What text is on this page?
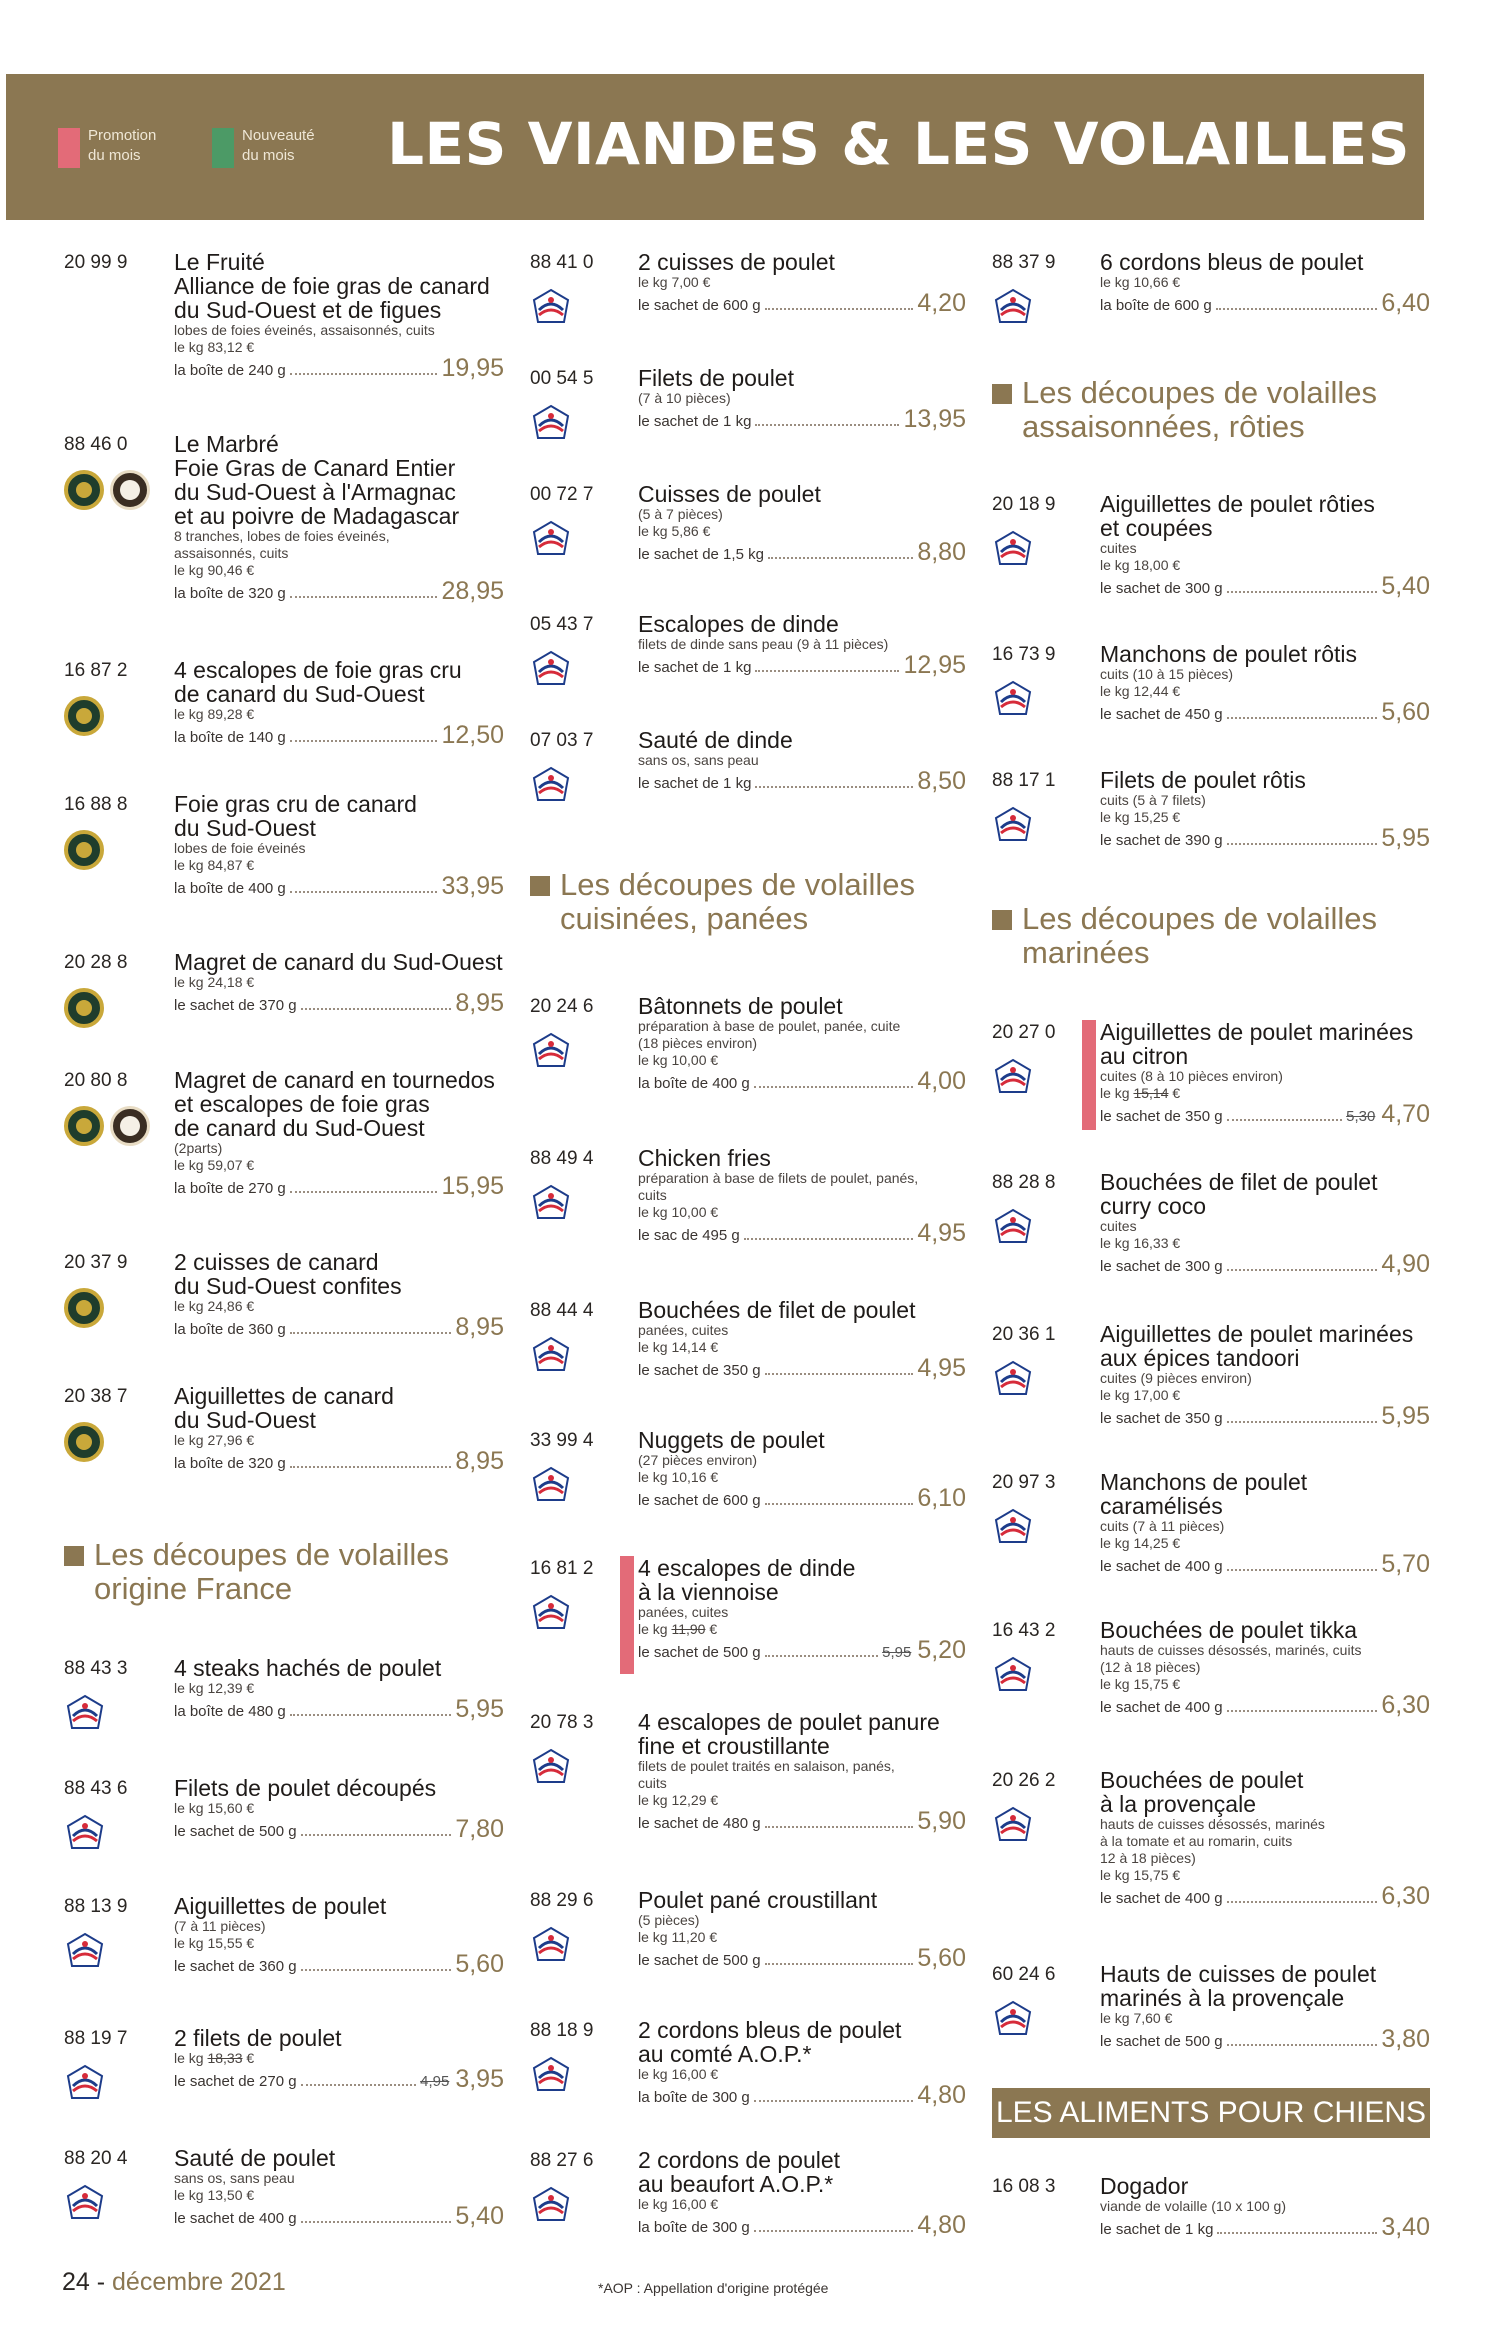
Promotion
du mois
Nouveauté
du mois	LES VIANDES & LES VOLAILLES
20 99 9	Le Fruité
Alliance de foie gras de canard
du Sud-Ouest et de figues
lobes de foies éveinés, assaisonnés, cuits
le kg 83,12 €
la boîte de 240 g	19,95
88 46 0	Le Marbré
Foie Gras de Canard Entier
du Sud-Ouest à l'Armagnac
et au poivre de Madagascar
8 tranches, lobes de foies éveinés,
assaisonnés, cuits
le kg 90,46 €
la boîte de 320 g	28,95
16 87 2	4 escalopes de foie gras cru
de canard du Sud-Ouest
le kg 89,28 €
la boîte de 140 g	12,50
16 88 8	Foie gras cru de canard
du Sud-Ouest
lobes de foie éveinés
le kg 84,87 €
la boîte de 400 g	33,95
20 28 8	Magret de canard du Sud-Ouest
le kg 24,18 €
le sachet de 370 g	8,95
20 80 8	Magret de canard en tournedos
et escalopes de foie gras
de canard du Sud-Ouest
(2parts)
le kg 59,07 €
la boîte de 270 g	15,95
20 37 9	2 cuisses de canard
du Sud-Ouest confites
le kg 24,86 €
la boîte de 360 g	8,95
20 38 7	Aiguillettes de canard
du Sud-Ouest
le kg 27,96 €
la boîte de 320 g	8,95
Les découpes de volailles
origine France
88 43 3	4 steaks hachés de poulet
le kg 12,39 €
la boîte de 480 g	5,95
88 43 6	Filets de poulet découpés
le kg 15,60 €
le sachet de 500 g	7,80
88 13 9	Aiguillettes de poulet
(7 à 11 pièces)
le kg 15,55 €
le sachet de 360 g	5,60
88 19 7	2 filets de poulet
le kg 18,33 €
le sachet de 270 g	4,95 3,95
88 20 4	Sauté de poulet
sans os, sans peau
le kg 13,50 €
le sachet de 400 g	5,40
88 41 0	2 cuisses de poulet
le kg 7,00 €
le sachet de 600 g	4,20
00 54 5	Filets de poulet
(7 à 10 pièces)
le sachet de 1 kg	13,95
00 72 7	Cuisses de poulet
(5 à 7 pièces)
le kg 5,86 €
le sachet de 1,5 kg	8,80
05 43 7	Escalopes de dinde
filets de dinde sans peau (9 à 11 pièces)
le sachet de 1 kg	12,95
07 03 7	Sauté de dinde
sans os, sans peau
le sachet de 1 kg	8,50
Les découpes de volailles
cuisinées, panées
20 24 6	Bâtonnets de poulet
préparation à base de poulet, panée, cuite
(18 pièces environ)
le kg 10,00 €
la boîte de 400 g	4,00
88 49 4	Chicken fries
préparation à base de filets de poulet, panés,
cuits
le kg 10,00 €
le sac de 495 g	4,95
88 44 4	Bouchées de filet de poulet
panées, cuites
le kg 14,14 €
le sachet de 350 g	4,95
33 99 4	Nuggets de poulet
(27 pièces environ)
le kg 10,16 €
le sachet de 600 g	6,10
16 81 2	4 escalopes de dinde
à la viennoise
panées, cuites
le kg 11,90 €
le sachet de 500 g	5,95 5,20
20 78 3	4 escalopes de poulet panure
fine et croustillante
filets de poulet traités en salaison, panés,
cuits
le kg 12,29 €
le sachet de 480 g	5,90
88 29 6	Poulet pané croustillant
(5 pièces)
le kg 11,20 €
le sachet de 500 g	5,60
88 18 9	2 cordons bleus de poulet
au comté A.O.P.*
le kg 16,00 €
la boîte de 300 g	4,80
88 27 6	2 cordons de poulet
au beaufort A.O.P.*
le kg 16,00 €
la boîte de 300 g	4,80
88 37 9	6 cordons bleus de poulet
le kg 10,66 €
la boîte de 600 g	6,40
Les découpes de volailles
assaisonnées, rôties
20 18 9	Aiguillettes de poulet rôties
et coupées
cuites
le kg 18,00 €
le sachet de 300 g	5,40
16 73 9	Manchons de poulet rôtis
cuits (10 à 15 pièces)
le kg 12,44 €
le sachet de 450 g	5,60
88 17 1	Filets de poulet rôtis
cuits (5 à 7 filets)
le kg 15,25 €
le sachet de 390 g	5,95
Les découpes de volailles
marinées
20 27 0	Aiguillettes de poulet marinées
au citron
cuites (8 à 10 pièces environ)
le kg 15,14 €
le sachet de 350 g	5,30 4,70
88 28 8	Bouchées de filet de poulet
curry coco
cuites
le kg 16,33 €
le sachet de 300 g	4,90
20 36 1	Aiguillettes de poulet marinées
aux épices tandoori
cuites (9 pièces environ)
le kg 17,00 €
le sachet de 350 g	5,95
20 97 3	Manchons de poulet
caramélisés
cuits (7 à 11 pièces)
le kg 14,25 €
le sachet de 400 g	5,70
16 43 2	Bouchées de poulet tikka
hauts de cuisses désossés, marinés, cuits
(12 à 18 pièces)
le kg 15,75 €
le sachet de 400 g	6,30
20 26 2	Bouchées de poulet
à la provençale
hauts de cuisses désossés, marinés
à la tomate et au romarin, cuits
12 à 18 pièces)
le kg 15,75 €
le sachet de 400 g	6,30
60 24 6	Hauts de cuisses de poulet
marinés à la provençale
le kg 7,60 €
le sachet de 500 g	3,80
16 08 3	Dogador
viande de volaille (10 x 100 g)
le sachet de 1 kg	3,40
LES ALIMENTS POUR CHIENS
24 - décembre 2021	*AOP : Appellation d'origine protégée
